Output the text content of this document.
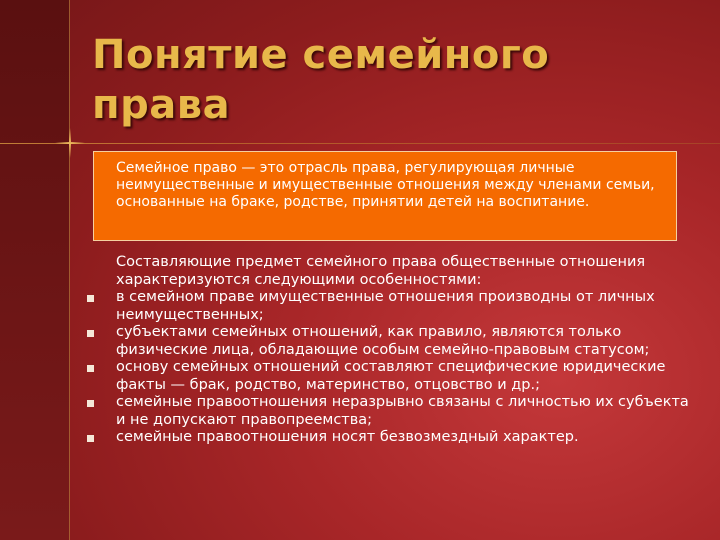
Понятие семейного права
Семейное право — это отрасль права, регулирующая личные неимущественные и имущественные отношения между членами семьи, основанные на браке, родстве, принятии детей на воспитание.
Составляющие предмет семейного права общественные отношения характеризуются следующими особенностями:
в семейном праве имущественные отношения производны от личных неимущественных;
субъектами семейных отношений, как правило, являются только физические лица, обладающие особым семейно-правовым статусом;
основу семейных отношений составляют специфические юридические факты — брак, родство, материнство, отцовство и др.;
семейные правоотношения неразрывно связаны с личностью их субъекта и не допускают правопреемства;
семейные правоотношения носят безвозмездный характер.
